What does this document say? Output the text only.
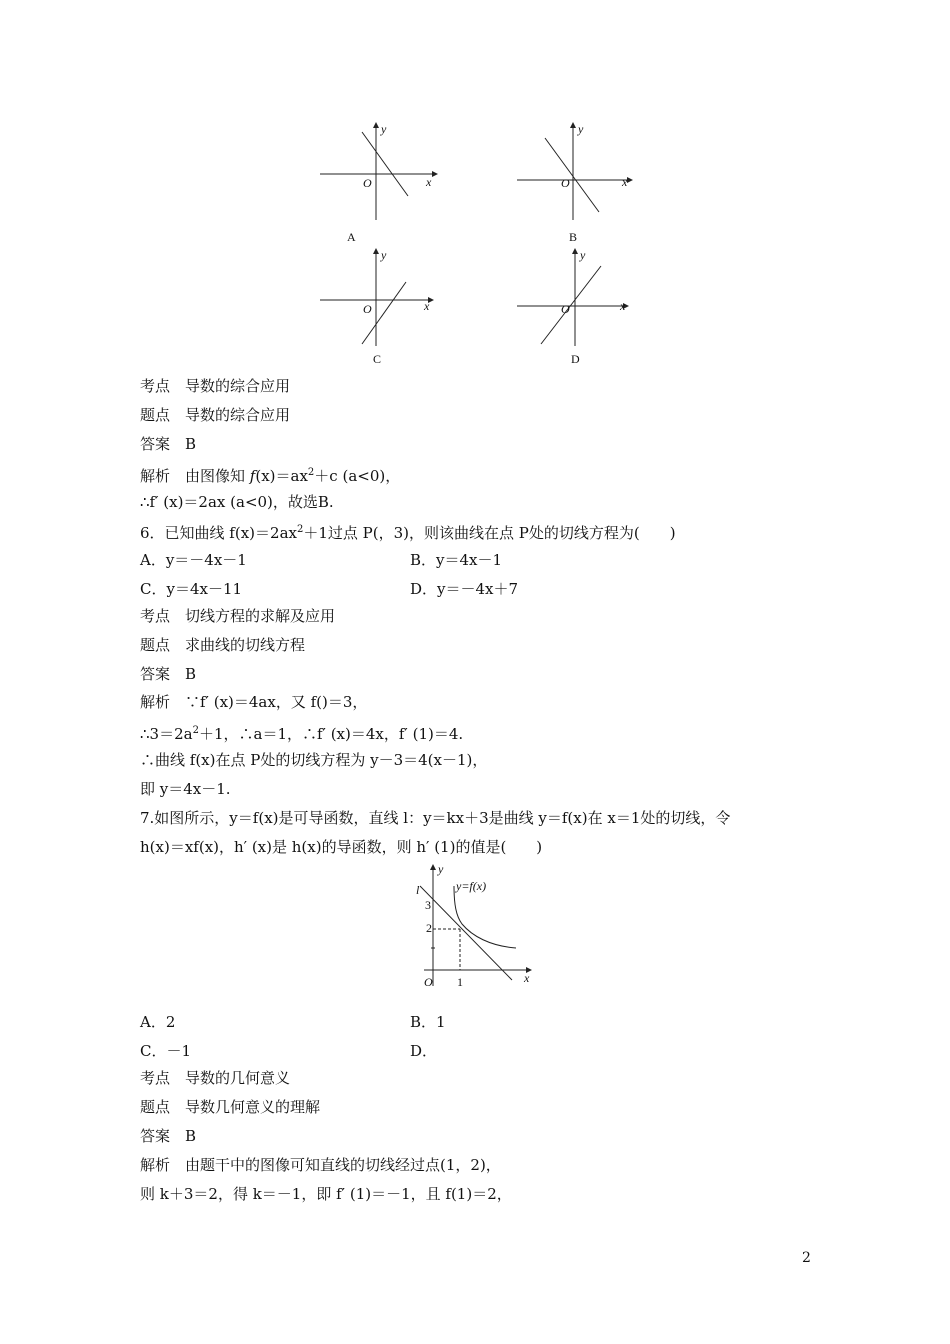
y
x
O
A
y
x
O
B
y
x
O
C
y
x
O
D
考点　导数的综合应用
题点　导数的综合应用
答案　B
解析　由图像知 $f(x)=ax^2+c$ (a<0)，
∴f′ (x)＝2ax (a<0)，故选B.
6．已知曲线 $f(x)=2ax^2+1$过点 P(，3)，则该曲线在点 P处的切线方程为(　　)
A．y＝－4x－1	B．y＝4x－1
C．y＝4x－11	D．y＝－4x＋7
考点　切线方程的求解及应用
题点　求曲线的切线方程
答案　B
解析　∵f′ (x)＝4ax，又 f()＝3，
$\therefore 3=2a^2+1$，∴a＝1，∴f′ (x)＝4x，f′ (1)＝4.
∴曲线 f(x)在点 P处的切线方程为 y－3＝4(x－1)，
即 y＝4x－1.
7.如图所示，y＝f(x)是可导函数，直线 l：y＝kx＋3是曲线 y＝f(x)在 x＝1处的切线，令
h(x)＝xf(x)，h′ (x)是 h(x)的导函数，则 h′ (1)的值是(　　)
y
y=f(x)
l
3
2
O 1	x
A．2	B．1
C．－1	D．
考点　导数的几何意义
题点　导数几何意义的理解
答案　B
解析　由题干中的图像可知直线的切线经过点(1，2)，
则 k＋3＝2，得 k＝－1，即 f′ (1)＝－1，且 f(1)＝2，
2
